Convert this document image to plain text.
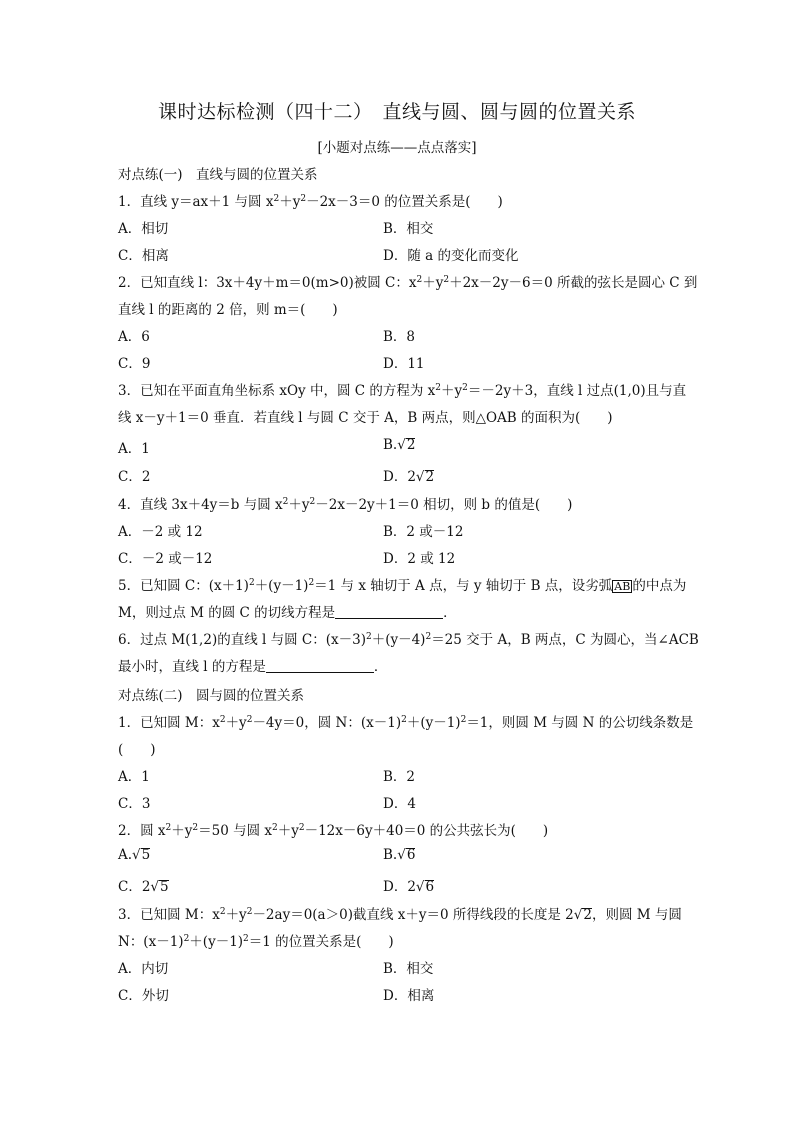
课时达标检测（四十二）　直线与圆、圆与圆的位置关系
[小题对点练——点点落实]
对点练(一)　直线与圆的位置关系
1．直线 y＝ax＋1 与圆 $x^2+y^2-2x-3=0$ 的位置关系是(　　)
A．相切	B．相交
C．相离	D．随 a 的变化而变化
2．已知直线 l：3x＋4y＋m＝0(m>0)被圆 C：$x^2+y^2+2x-2y-6=0$ 所截的弦长是圆心 C 到
直线 l 的距离的 2 倍，则 m＝(　　)
A．6	B．8
C．9	D．11
3．已知在平面直角坐标系 xOy 中，圆 C 的方程为 $x^2+y^2=-2y+3$，直线 l 过点(1,0)且与直
线 x－y＋1＝0 垂直．若直线 l 与圆 C 交于 A，B 两点，则△OAB 的面积为(　　)
A．1	B.√2
C．2	D．2√2
4．直线 3x＋4y＝b 与圆 $x^2+y^2-2x-2y+1=0$ 相切，则 b 的值是(　　)
A．－2 或 12	B．2 或－12
C．－2 或－12	D．2 或 12
5．已知圆 C：$(x+1)^2+(y-1)^2=1$ 与 x 轴切于 A 点，与 y 轴切于 B 点，设劣弧 AB 的中点为
M，则过点 M 的圆 C 的切线方程是	．
6．过点 M(1,2)的直线 l 与圆 C：$(x-3)^2+(y-4)^2=25$ 交于 A，B 两点，C 为圆心，当∠ACB
最小时，直线 l 的方程是	．
对点练(二)　圆与圆的位置关系
1．已知圆 M：$x^2+y^2-4y=0$，圆 N：$(x-1)^2+(y-1)^2=1$，则圆 M 与圆 N 的公切线条数是
(　　)
A．1	B．2
C．3	D．4
2．圆 $x^2+y^2=50$ 与圆 $x^2+y^2-12x-6y+40=0$ 的公共弦长为(　　)
A.√5	B.√6
C．2√5	D．2√6
3．已知圆 M：$x^2+y^2-2ay=0(a>0)$截直线 x＋y＝0 所得线段的长度是 2√2，则圆 M 与圆
N：$(x-1)^2+(y-1)^2=1$ 的位置关系是(　　)
A．内切	B．相交
C．外切	D．相离
